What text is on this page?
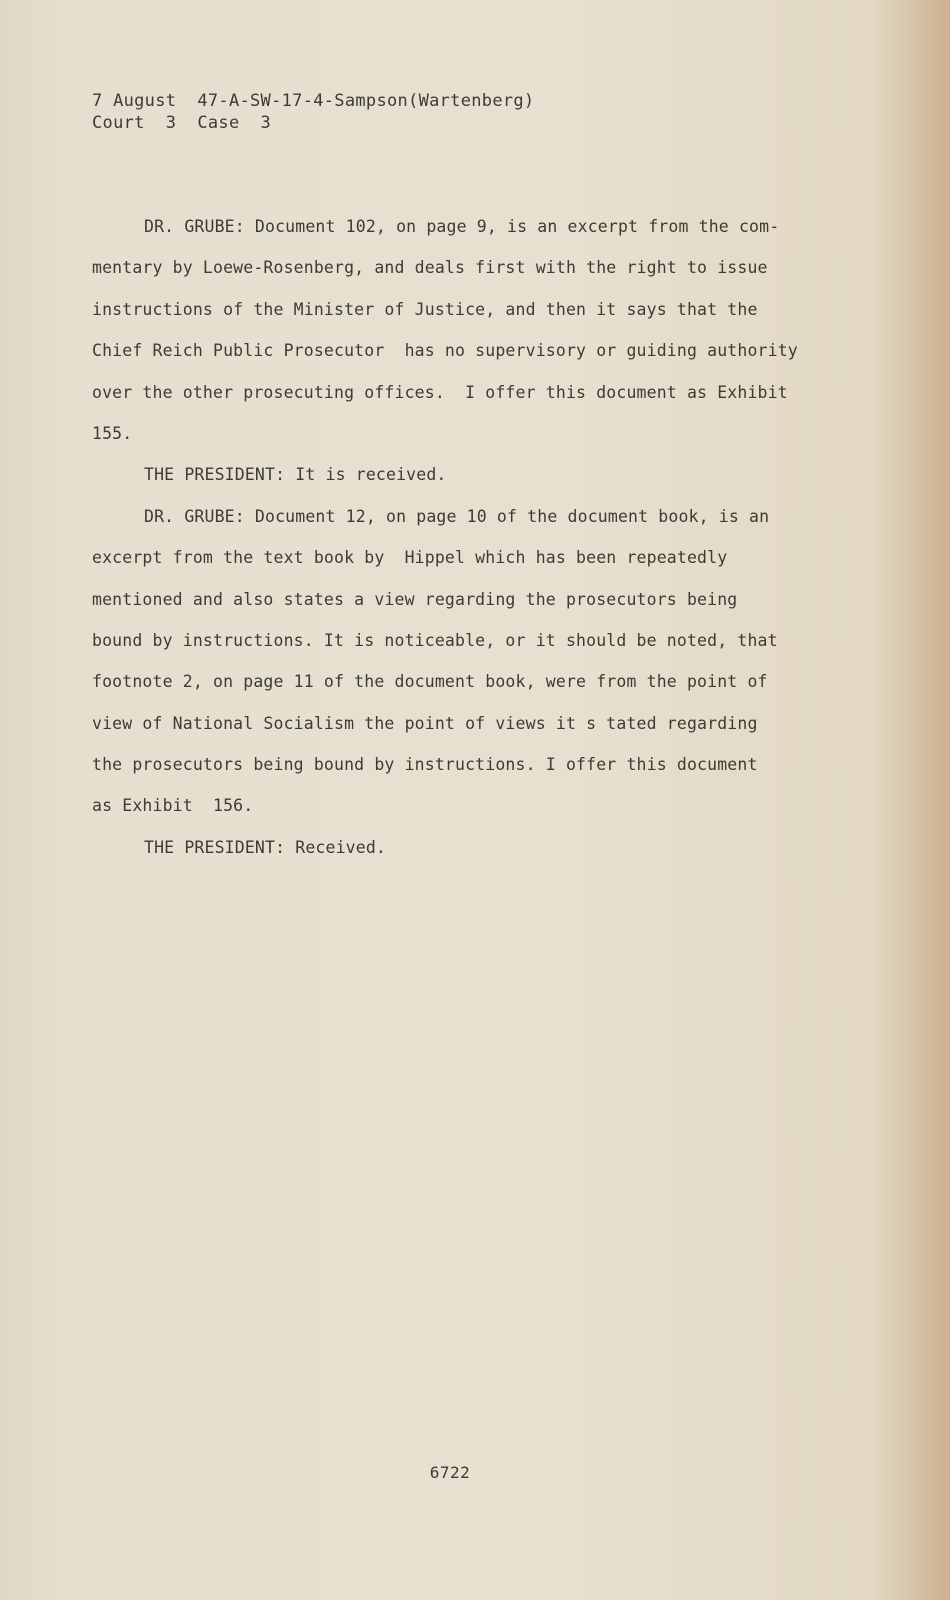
7 August  47-A-SW-17-4-Sampson(Wartenberg)
Court  3  Case  3
DR. GRUBE: Document 102, on page 9, is an excerpt from the com-
mentary by Loewe-Rosenberg, and deals first with the right to issue
instructions of the Minister of Justice, and then it says that the
Chief Reich Public Prosecutor  has no supervisory or guiding authority
over the other prosecuting offices.  I offer this document as Exhibit
155.
THE PRESIDENT: It is received.
DR. GRUBE: Document 12, on page 10 of the document book, is an
excerpt from the text book by  Hippel which has been repeatedly
mentioned and also states a view regarding the prosecutors being
bound by instructions. It is noticeable, or it should be noted, that
footnote 2, on page 11 of the document book, were from the point of
view of National Socialism the point of views it s tated regarding
the prosecutors being bound by instructions. I offer this document
as Exhibit  156.
THE PRESIDENT: Received.
6722
